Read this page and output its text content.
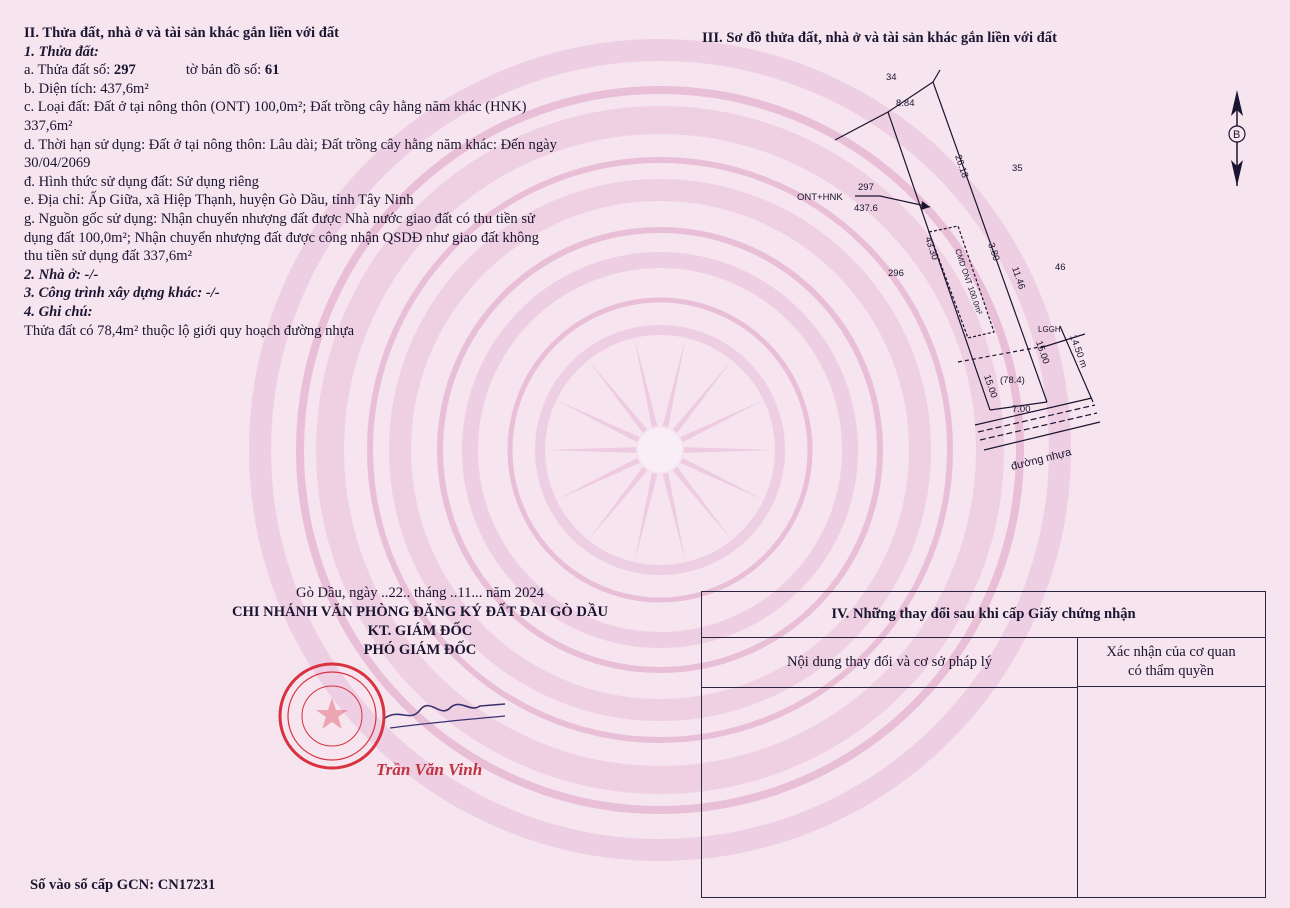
II. Thửa đất, nhà ở và tài sản khác gắn liền với đất
1. Thửa đất:
a. Thửa đất số: 297	tờ bản đồ số: 61
b. Diện tích: 437,6m²
c. Loại đất: Đất ở tại nông thôn (ONT) 100,0m²; Đất trồng cây hằng năm khác (HNK)
337,6m²
d. Thời hạn sử dụng: Đất ở tại nông thôn: Lâu dài; Đất trồng cây hằng năm khác: Đến ngày
30/04/2069
đ. Hình thức sử dụng đất: Sử dụng riêng
e. Địa chỉ: Ấp Giữa, xã Hiệp Thạnh, huyện Gò Dầu, tỉnh Tây Ninh
g. Nguồn gốc sử dụng: Nhận chuyển nhượng đất được Nhà nước giao đất có thu tiền sử
dụng đất 100,0m²; Nhận chuyển nhượng đất được công nhận QSDĐ như giao đất không
thu tiền sử dụng đất 337,6m²
2. Nhà ở: -/-
3. Công trình xây dựng khác: -/-
4. Ghi chú:
Thửa đất có 78,4m² thuộc lộ giới quy hoạch đường nhựa
III. Sơ đồ thửa đất, nhà ở và tài sản khác gắn liền với đất
34
35
46
296
ONT+HNK
297
437.6
8.84
26.18
43.30
11.46
3.80
15.00
15.00
7.00
14.50 m
LGGH
(78.4)
đường nhựa
CMD ONT 100.0m²
B
Gò Dầu, ngày ..22.. tháng ..11... năm 2024
CHI NHÁNH VĂN PHÒNG ĐĂNG KÝ ĐẤT ĐAI GÒ DẦU
KT. GIÁM ĐỐC
PHÓ GIÁM ĐỐC
Trần Văn Vinh
IV. Những thay đổi sau khi cấp Giấy chứng nhận
Nội dung thay đổi và cơ sở pháp lý
Xác nhận của cơ quan
có thẩm quyền
Số vào sổ cấp GCN: CN17231
